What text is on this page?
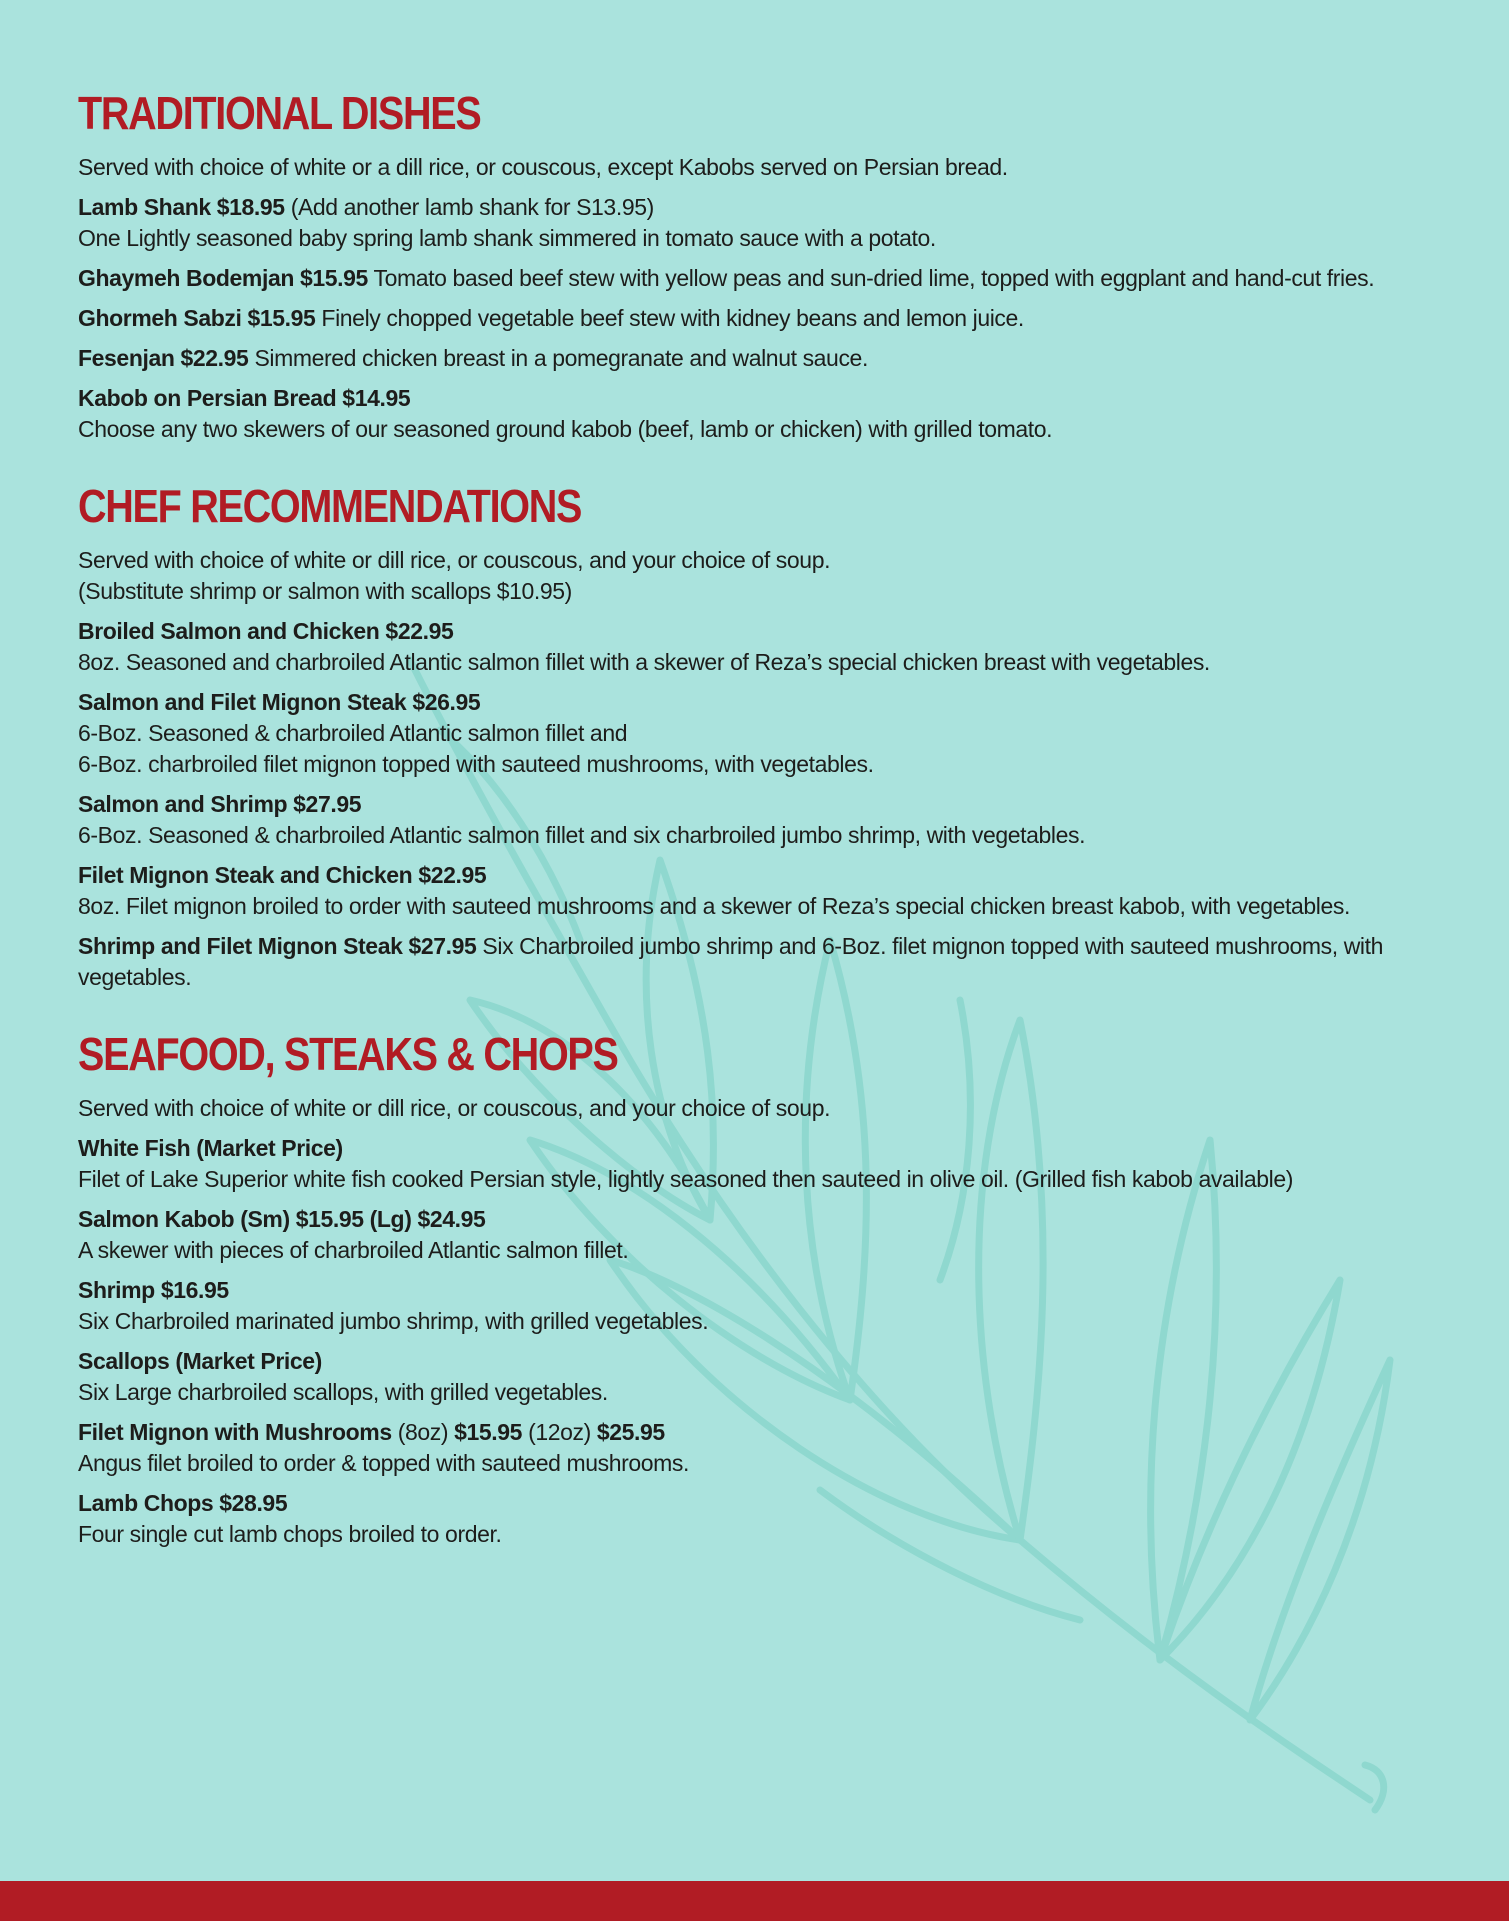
TRADITIONAL DISHES
Served with choice of white or a dill rice, or couscous, except Kabobs served on Persian bread.
Lamb Shank $18.95 (Add another lamb shank for S13.95)
One Lightly seasoned baby spring lamb shank simmered in tomato sauce with a potato.
Ghaymeh Bodemjan $15.95 Tomato based beef stew with yellow peas and sun-dried lime, topped with eggplant and hand-cut fries.
Ghormeh Sabzi $15.95 Finely chopped vegetable beef stew with kidney beans and lemon juice.
Fesenjan $22.95 Simmered chicken breast in a pomegranate and walnut sauce.
Kabob on Persian Bread $14.95
Choose any two skewers of our seasoned ground kabob (beef, lamb or chicken) with grilled tomato.
CHEF RECOMMENDATIONS
Served with choice of white or dill rice, or couscous, and your choice of soup.
(Substitute shrimp or salmon with scallops $10.95)
Broiled Salmon and Chicken $22.95
8oz. Seasoned and charbroiled Atlantic salmon fillet with a skewer of Reza’s special chicken breast with vegetables.
Salmon and Filet Mignon Steak $26.95
6-Boz. Seasoned & charbroiled Atlantic salmon fillet and
6-Boz. charbroiled filet mignon topped with sauteed mushrooms, with vegetables.
Salmon and Shrimp $27.95
6-Boz. Seasoned & charbroiled Atlantic salmon fillet and six charbroiled jumbo shrimp, with vegetables.
Filet Mignon Steak and Chicken $22.95
8oz. Filet mignon broiled to order with sauteed mushrooms and a skewer of Reza’s special chicken breast kabob, with vegetables.
Shrimp and Filet Mignon Steak $27.95 Six Charbroiled jumbo shrimp and 6-Boz. filet mignon topped with sauteed mushrooms, with vegetables.
SEAFOOD, STEAKS & CHOPS
Served with choice of white or dill rice, or couscous, and your choice of soup.
White Fish (Market Price)
Filet of Lake Superior white fish cooked Persian style, lightly seasoned then sauteed in olive oil. (Grilled fish kabob available)
Salmon Kabob (Sm) $15.95 (Lg) $24.95
A skewer with pieces of charbroiled Atlantic salmon fillet.
Shrimp $16.95
Six Charbroiled marinated jumbo shrimp, with grilled vegetables.
Scallops (Market Price)
Six Large charbroiled scallops, with grilled vegetables.
Filet Mignon with Mushrooms (8oz) $15.95 (12oz) $25.95
Angus filet broiled to order & topped with sauteed mushrooms.
Lamb Chops $28.95
Four single cut lamb chops broiled to order.
